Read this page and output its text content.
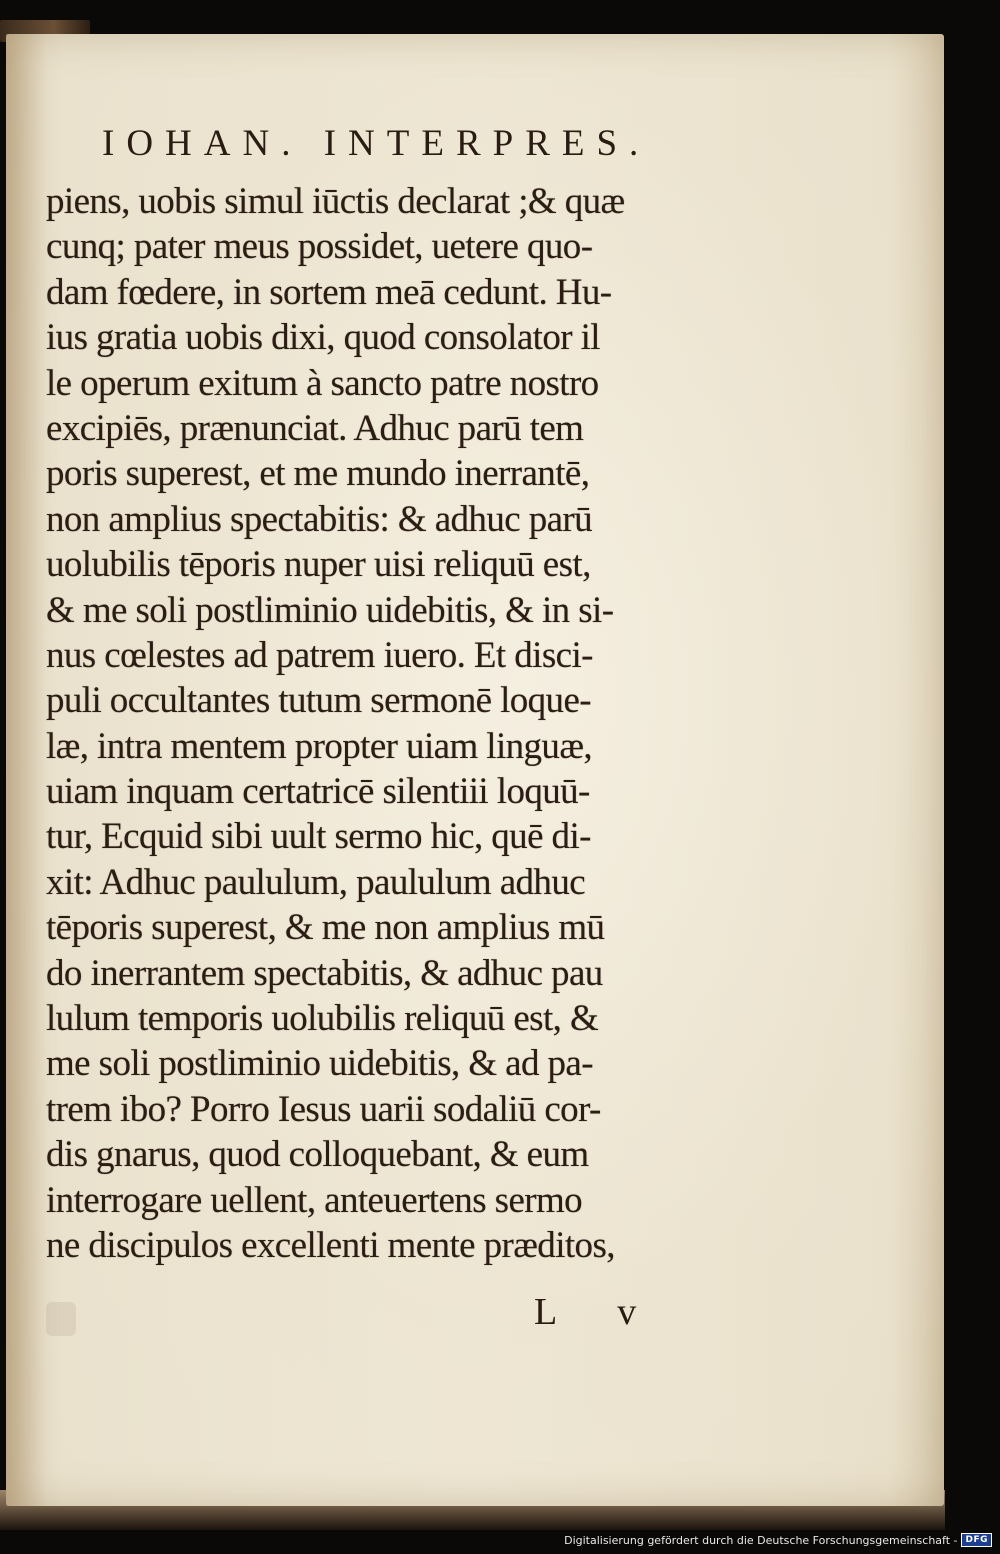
IOHAN. INTERPRES.
piens, uobis simul iūctis declarat ;& quæ
cunq; pater meus possidet, uetere quo-
dam fœdere, in sortem meā cedunt. Hu-
ius gratia uobis dixi, quod consolator il
le operum exitum à sancto patre nostro
excipiēs, prænunciat. Adhuc parū tem
poris superest, et me mundo inerrantē,
non amplius spectabitis: & adhuc parū
uolubilis tēporis nuper uisi reliquū est,
& me soli postliminio uidebitis, & in si-
nus cœlestes ad patrem iuero. Et disci-
puli occultantes tutum sermonē loque-
læ, intra mentem propter uiam linguæ,
uiam inquam certatricē silentiii loquū-
tur, Ecquid sibi uult sermo hic, quē di-
xit: Adhuc paululum, paululum adhuc
tēporis superest, & me non amplius mū
do inerrantem spectabitis, & adhuc pau
lulum temporis uolubilis reliquū est, &
me soli postliminio uidebitis, & ad pa-
trem ibo? Porro Iesus uarii sodaliū cor-
dis gnarus, quod colloquebant, & eum
interrogare uellent, anteuertens sermo
ne discipulos excellenti mente præditos,
L v
Digitalisierung gefördert durch die Deutsche Forschungsgemeinschaft - DFG
